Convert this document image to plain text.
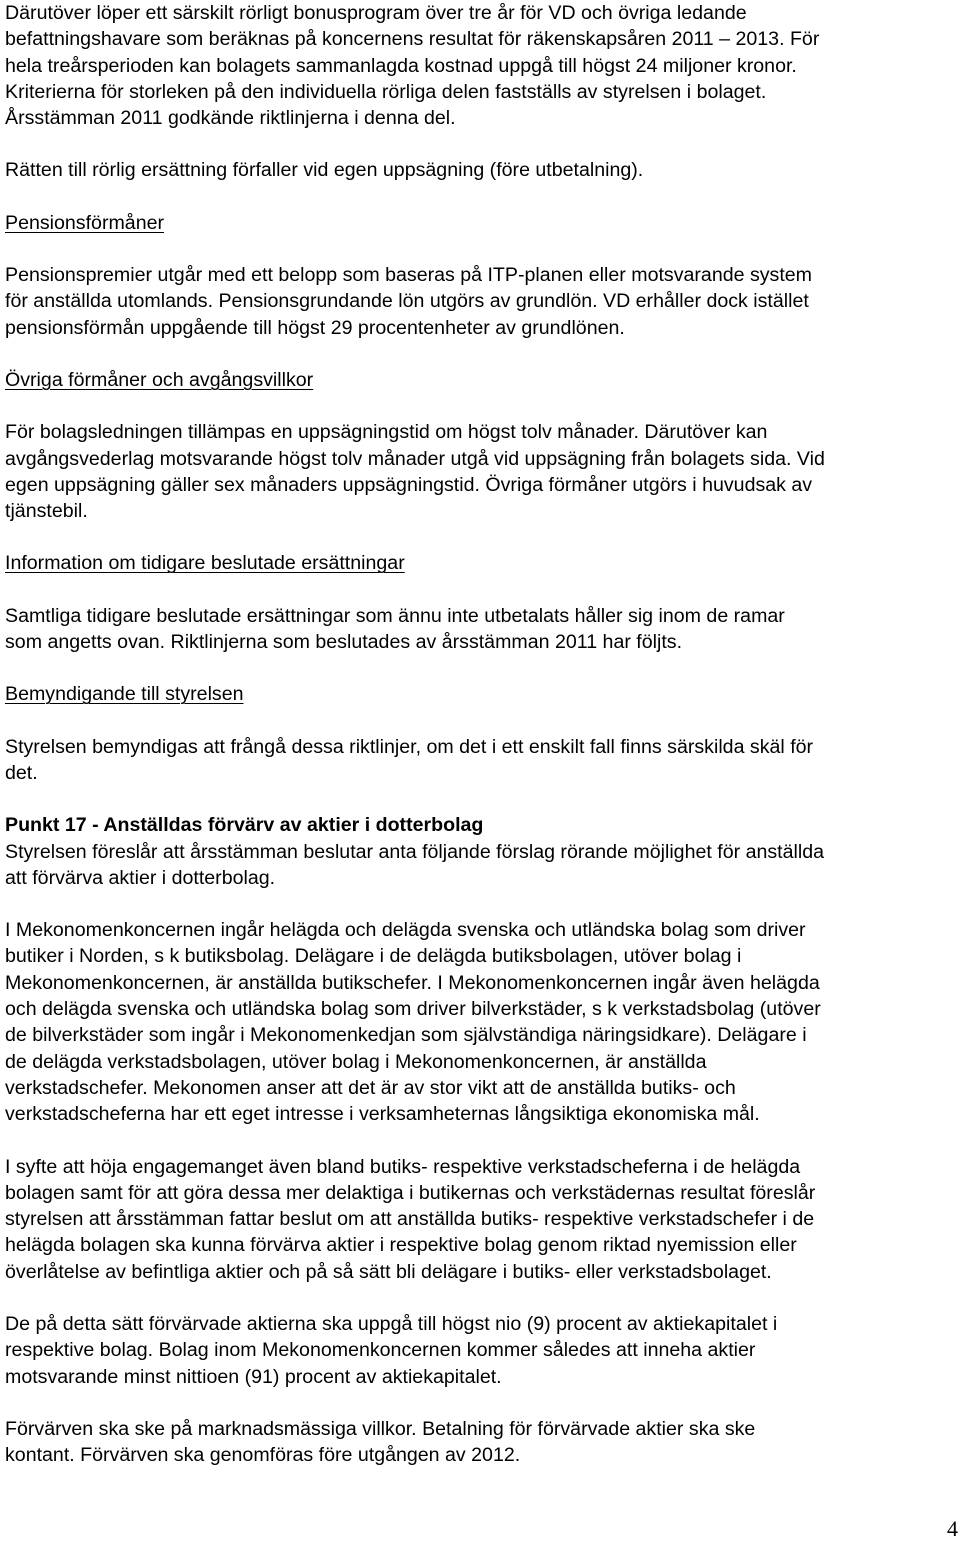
Därutöver löper ett särskilt rörligt bonusprogram över tre år för VD och övriga ledande

befattningshavare som beräknas på koncernens resultat för räkenskapsåren 2011 – 2013. För

hela treårsperioden kan bolagets sammanlagda kostnad uppgå till högst 24 miljoner kronor.

Kriterierna för storleken på den individuella rörliga delen fastställs av styrelsen i bolaget.

Årsstämman 2011 godkände riktlinjerna i denna del.

Rätten till rörlig ersättning förfaller vid egen uppsägning (före utbetalning).

Pensionsförmåner

Pensionspremier utgår med ett belopp som baseras på ITP-planen eller motsvarande system

för anställda utomlands. Pensionsgrundande lön utgörs av grundlön. VD erhåller dock istället

pensionsförmån uppgående till högst 29 procentenheter av grundlönen.

Övriga förmåner och avgångsvillkor

För bolagsledningen tillämpas en uppsägningstid om högst tolv månader. Därutöver kan

avgångsvederlag motsvarande högst tolv månader utgå vid uppsägning från bolagets sida. Vid

egen uppsägning gäller sex månaders uppsägningstid. Övriga förmåner utgörs i huvudsak av

tjänstebil.

Information om tidigare beslutade ersättningar

Samtliga tidigare beslutade ersättningar som ännu inte utbetalats håller sig inom de ramar

som angetts ovan. Riktlinjerna som beslutades av årsstämman 2011 har följts.

Bemyndigande till styrelsen

Styrelsen bemyndigas att frångå dessa riktlinjer, om det i ett enskilt fall finns särskilda skäl för

det.

Punkt 17 - Anställdas förvärv av aktier i dotterbolag

Styrelsen föreslår att årsstämman beslutar anta följande förslag rörande möjlighet för anställda

att förvärva aktier i dotterbolag.

I Mekonomenkoncernen ingår helägda och delägda svenska och utländska bolag som driver

butiker i Norden, s k butiksbolag. Delägare i de delägda butiksbolagen, utöver bolag i

Mekonomenkoncernen, är anställda butikschefer. I Mekonomenkoncernen ingår även helägda

och delägda svenska och utländska bolag som driver bilverkstäder, s k verkstadsbolag (utöver

de bilverkstäder som ingår i Mekonomenkedjan som självständiga näringsidkare). Delägare i

de delägda verkstadsbolagen, utöver bolag i Mekonomenkoncernen, är anställda

verkstadschefer. Mekonomen anser att det är av stor vikt att de anställda butiks- och

verkstadscheferna har ett eget intresse i verksamheternas långsiktiga ekonomiska mål.

I syfte att höja engagemanget även bland butiks- respektive verkstadscheferna i de helägda

bolagen samt för att göra dessa mer delaktiga i butikernas och verkstädernas resultat föreslår

styrelsen att årsstämman fattar beslut om att anställda butiks- respektive verkstadschefer i de

helägda bolagen ska kunna förvärva aktier i respektive bolag genom riktad nyemission eller

överlåtelse av befintliga aktier och på så sätt bli delägare i butiks- eller verkstadsbolaget.

De på detta sätt förvärvade aktierna ska uppgå till högst nio (9) procent av aktiekapitalet i

respektive bolag. Bolag inom Mekonomenkoncernen kommer således att inneha aktier

motsvarande minst nittioen (91) procent av aktiekapitalet.

Förvärven ska ske på marknadsmässiga villkor. Betalning för förvärvade aktier ska ske

kontant. Förvärven ska genomföras före utgången av 2012.

4
